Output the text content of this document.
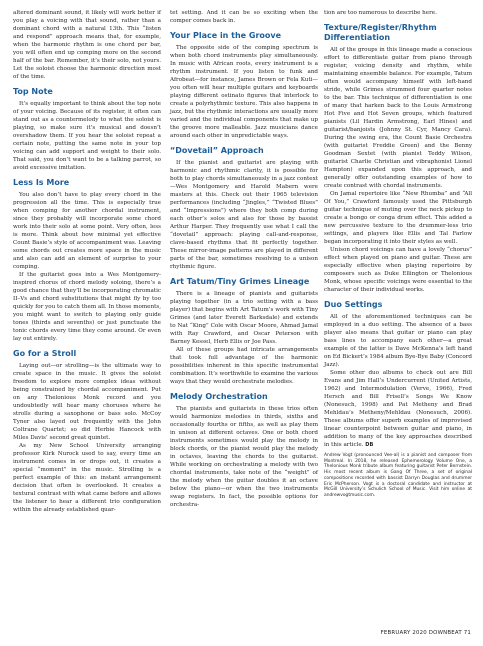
altered dominant sound, it likely will work better if you play a voicing with that sound, rather than a dominant chord with a natural 13th. This “listen and respond” approach means that, for example, when the harmonic rhythm is one chord per bar, you will often end up comping more on the second half of the bar. Remember, it’s their solo, not yours. Let the soloist choose the harmonic direction most of the time.

Top Note

It’s equally important to think about the top note of your voicing. Because of its register, it often can stand out as a countermelody to what the soloist is playing, so make sure it’s musical and doesn’t overshadow them. If you hear the soloist repeat a certain note, putting the same note in your top voicing can add support and weight to their solo. That said, you don’t want to be a talking parrot, so avoid excessive imitation.

Less Is More

You also don’t have to play every chord in the progression all the time. This is especially true when comping for another chordal instrument, since they probably will incorporate some chord work into their solo at some point. Very often, less is more. Think about how minimal yet effective Count Basie’s style of accompaniment was. Leaving some chords out creates more space in the music and also can add an element of surprise to your comping.

If the guitarist goes into a Wes Montgomery-inspired chorus of chord melody soloing, there’s a good chance that they’ll be incorporating chromatic II–Vs and chord substitutions that might fly by too quickly for you to catch them all. In those moments, you might want to switch to playing only guide tones (thirds and sevenths) or just punctuate the tonic chords every time they come around. Or even lay out entirely.

Go for a Stroll

Laying out—or strolling—is the ultimate way to create space in the music. It gives the soloist freedom to explore more complex ideas without being constrained by chordal accompaniment. Put on any Thelonious Monk record and you undoubtedly will hear many choruses where he strolls during a saxophone or bass solo. McCoy Tyner also layed out frequently with the John Coltrane Quartet; so did Herbie Hancock with Miles Davis’ second great quintet.

As my New School University arranging professor Kirk Nurock used to say, every time an instrument comes in or drops out, it creates a special “moment” in the music. Strolling is a perfect example of this: an instant arrangement decision that often is overlooked. It creates a textural contrast with what came before and allows the listener to hear a different trio configuration within the already established quar-

tet setting. And it can be so exciting when the comper comes back in.

Your Place in the Groove

The opposite side of the comping spectrum is when both chord instruments play simultaneously. In music with African roots, every instrument is a rhythm instrument. If you listen to funk and Afrobeat—for instance, James Brown or Fela Kuti—you often will hear multiple guitars and keyboards playing different ostinato figures that interlock to create a polyrhythmic texture. This also happens in jazz, but the rhythmic interactions are usually more varied and the individual components that make up the groove more malleable. Jazz musicians dance around each other in unpredictable ways.

“Dovetail” Approach

If the pianist and guitarist are playing with harmonic and rhythmic clarity, it is possible for both to play chords simultaneously in a jazz context—Wes Montgomery and Harold Mabern were masters at this. Check out their 1965 television performances (including “Jingles,” “Twisted Blues” and “Impressions”) where they both comp during each other’s solos and also for those by bassist Arthur Harper. They frequently use what I call the “dovetail” approach: playing call-and-response, clave-based rhythms that fit perfectly together. These mirror-image patterns are played in different parts of the bar, sometimes resolving to a unison rhythmic figure.

Art Tatum/Tiny Grimes Lineage

There is a lineage of pianists and guitarists playing together (in a trio setting with a bass player) that begins with Art Tatum’s work with Tiny Grimes (and later Everett Barksdale) and extends to Nat “King” Cole with Oscar Moore, Ahmad Jamal with Ray Crawford, and Oscar Peterson with Barney Kessel, Herb Ellis or Joe Pass.

All of these groups had intricate arrangements that took full advantage of the harmonic possibilities inherent in this specific instrumental combination. It’s worthwhile to examine the various ways that they would orchestrate melodies.

Melody Orchestration

The pianists and guitarists in these trios often would harmonize melodies in thirds, sixths and occasionally fourths or fifths, as well as play them in unison at different octaves. One or both chord instruments sometimes would play the melody in block chords, or the pianist would play the melody in octaves, leaving the chords to the guitarist. While working on orchestrating a melody with two chordal instruments, take note of the “weight” of the melody when the guitar doubles it an octave below the piano—or when the two instruments swap registers. In fact, the possible options for orchestra-

tion are too numerous to describe here.

Texture/Register/Rhythm Differentiation

All of the groups in this lineage made a conscious effort to differentiate guitar from piano through register, voicing density and rhythm, while maintaining ensemble balance. For example, Tatum often would accompany himself with left-hand stride, while Grimes strummed four quarter notes to the bar. This technique of differentiation is one of many that harken back to the Louis Armstrong Hot Five and Hot Seven groups, which featured pianists (Lil Hardin Armstrong, Earl Hines) and guitarist/banjoists (Johnny St. Cyr, Mancy Cara). During the swing era, the Count Basie Orchestra (with guitarist Freddie Green) and the Benny Goodman Sextet (with pianist Teddy Wilson, guitarist Charlie Christian and vibraphonist Lionel Hampton) expanded upon this approach, and generally offer outstanding examples of how to create contrast with chordal instruments.

On Jamal repertoire like “New Rhumba” and “All Of You,” Crawford famously used the Pittsburgh guitar technique of muting over the neck pickup to create a bongo or conga drum effect. This added a new percussive texture to the drummer-less trio settings, and players like Ellis and Tal Farlow began incorporating it into their styles as well.

Unison chord voicings can have a lovely “chorus” effect when played on piano and guitar. These are especially effective when playing repertoire by composers such as Duke Ellington or Thelonious Monk, whose specific voicings were essential to the character of their individual works.

Duo Settings

All of the aforementioned techniques can be employed in a duo setting. The absence of a bass player also means that guitar or piano can play bass lines to accompany each other—a great example of the latter is Dave McKenna’s left hand on Ed Bickert’s 1984 album Bye-Bye Baby (Concord Jazz).

Some other duo albums to check out are Bill Evans and Jim Hall’s Undercurrent (United Artists, 1962) and Intermodulation (Verve, 1966), Fred Hersch and Bill Frisell’s Songs We Know (Nonesuch, 1998) and Pat Metheny and Brad Mehldau’s Metheny/Mehldau (Nonesuch, 2006). These albums offer superb examples of improvised linear counterpoint between guitar and piano, in addition to many of the key approaches described in this article. DB

Andrew Vogt (pronounced Vee-al) is a pianist and composer from Montreal. In 2018, he released Ephemerology Volume One, a Thelonious Monk tribute album featuring guitarist Peter Bernstein. His most recent album is Gang Of Three, a set of original compositions recorded with bassist Darryn Douglas and drummer Eric McPherson. Vogt is a doctoral candidate and instructor at McGill University’s Schulich School of Music. Visit him online at andrewvogtmusic.com.

FEBRUARY 2020 DOWNBEAT 71
